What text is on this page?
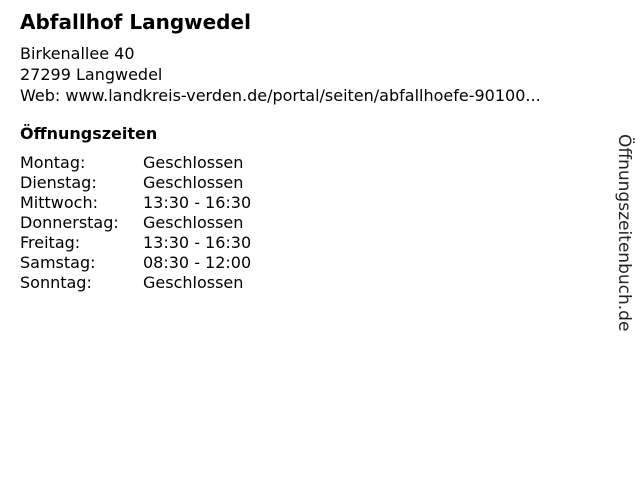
Abfallhof Langwedel
Birkenallee 40
27299 Langwedel
Web: www.landkreis-verden.de/portal/seiten/abfallhoefe-90100...
Öffnungszeiten
Montag:	Geschlossen
Dienstag:	Geschlossen
Mittwoch:	13:30 - 16:30
Donnerstag: Geschlossen
Freitag:	13:30 - 16:30
Samstag:	08:30 - 12:00
Sonntag:	Geschlossen	Öffnungszeitenbuch.de
